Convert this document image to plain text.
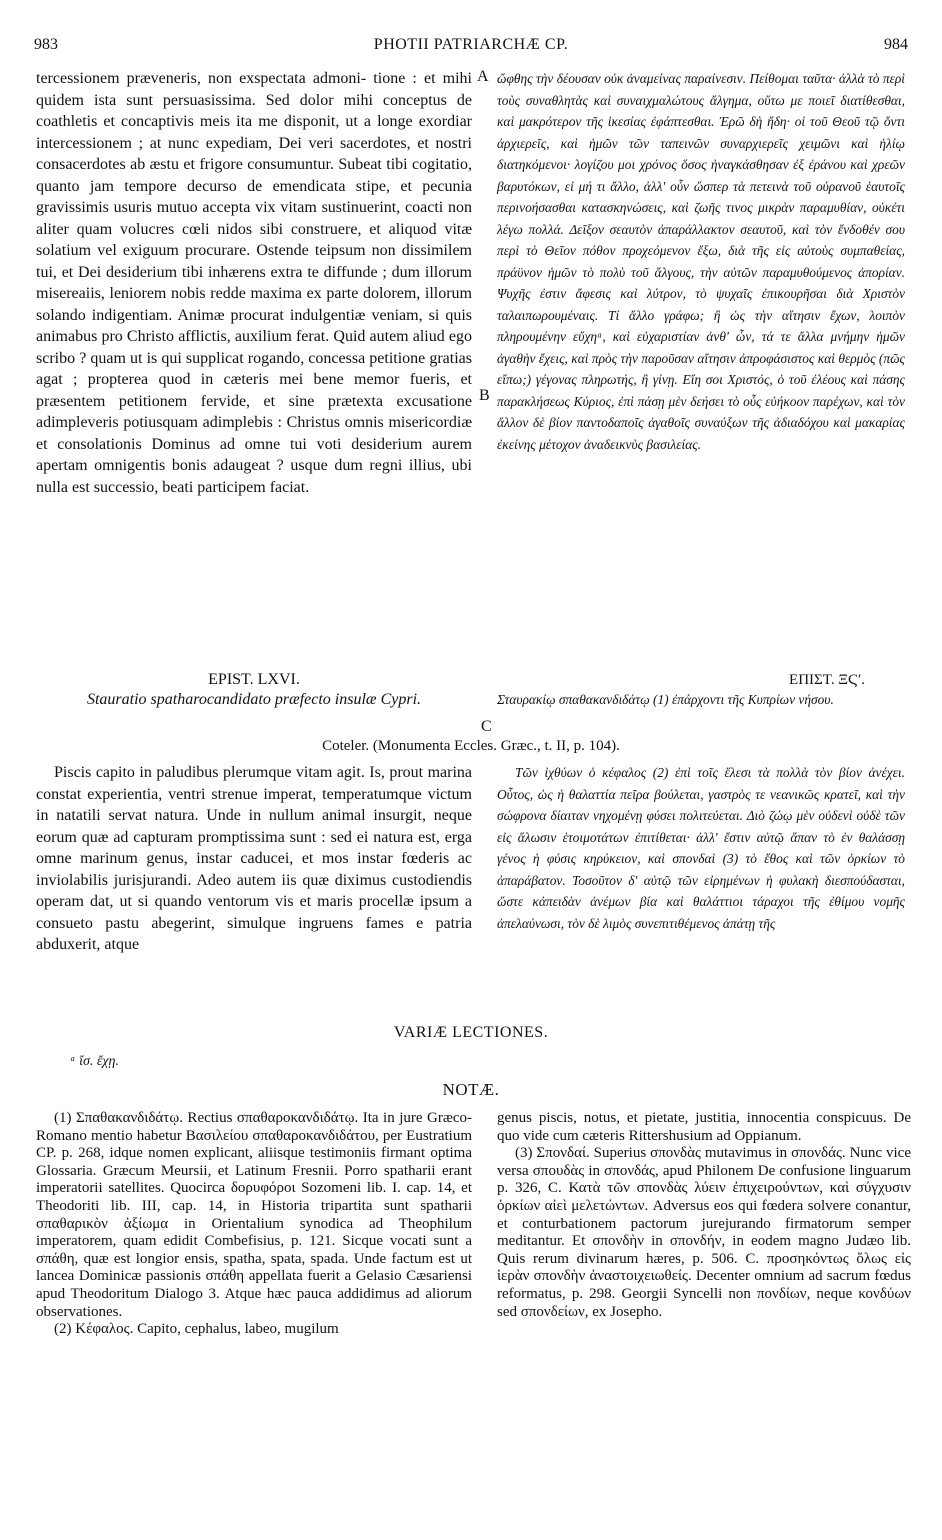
983	PHOTII PATRIARCHÆ CP.	984

tercessionem præveneris, non exspectata admoni- tione : et mihi quidem ista sunt persuasissima. Sed dolor mihi conceptus de coathletis et concaptivis meis ita me disponit, ut a longe exordiar intercessionem ; at nunc expediam, Dei veri sacerdotes, et nostri consacerdotes ab æstu et frigore consumuntur. Subeat tibi cogitatio, quanto jam tempore decurso de emendicata stipe, et pecunia gravissimis usuris mutuo accepta vix vitam sustinuerint, coacti non aliter quam volucres cœli nidos sibi construere, et aliquod vitæ solatium vel exiguum procurare. Ostende teipsum non dissimilem tui, et Dei desiderium tibi inhærens extra te diffunde ; dum illorum misereaiis, leniorem nobis redde maxima ex parte dolorem, illorum solando indigentiam. Animæ procurat indulgentiæ veniam, si quis animabus pro Christo afflictis, auxilium ferat. Quid autem aliud ego scribo ? quam ut is qui supplicat rogando, concessa petitione gratias agat ; propterea quod in cæteris mei bene memor fueris, et præsentem petitionem fervide, et sine prætexta excusatione adimpleveris potiusquam adimplebis : Christus omnis misericordiæ et consolationis Dominus ad omne tui voti desiderium aurem apertam omnigentis bonis adaugeat ? usque dum regni illius, ubi nulla est successio, beati participem faciat.

ὤφθης τὴν δέουσαν οὐκ ἀναμείνας παραίνεσιν. Πείθομαι ταῦτα· ἀλλὰ τὸ περὶ τοὺς συναθλητὰς καὶ συναιχμαλώτους ἄλγημα, οὕτω με ποιεῖ διατίθεσθαι, καὶ μακρότερον τῆς ἱκεσίας ἐφάπτεσθαι. Ἐρῶ δὴ ἤδη· οἱ τοῦ Θεοῦ τῷ ὄντι ἀρχιερεῖς, καὶ ἡμῶν τῶν ταπεινῶν συναρχιερεῖς χειμῶνι καὶ ἡλίῳ διατηκόμενοι· λογίζου μοι χρόνος ὅσος ἠναγκάσθησαν ἐξ ἐράνου καὶ χρεῶν βαρυτόκων, εἰ μή τι ἄλλο, ἀλλ' οὖν ὥσπερ τὰ πετεινὰ τοῦ οὐρανοῦ ἑαυτοῖς περινοήσασθαι κατασκηνώσεις, καὶ ζωῆς τινος μικρὰν παραμυθίαν, οὐκέτι λέγω πολλά. Δεῖξον σεαυτὸν ἀπαράλλακτον σεαυτοῦ, καὶ τὸν ἔνδοθέν σου περὶ τὸ Θεῖον πόθον προχεόμενον ἔξω, διὰ τῆς εἰς αὐτοὺς συμπαθείας, πράϋνον ἡμῶν τὸ πολὺ τοῦ ἄλγους, τὴν αὐτῶν παραμυθούμενος ἀπορίαν. Ψυχῆς ἐστιν ἄφεσις καὶ λύτρον, τὸ ψυχαῖς ἐπικουρῆσαι διὰ Χριστὸν ταλαιπωρουμέναις. Τί ἄλλο γράφω; ἢ ὡς τὴν αἴτησιν ἔχων, λοιπὸν πληρουμένην εὔχηᵃ, καὶ εὐχαριστίαν ἀνθ' ὧν, τά τε ἄλλα μνήμην ἡμῶν ἀγαθὴν ἔχεις, καὶ πρὸς τὴν παροῦσαν αἴτησιν ἀπροφάσιστος καὶ θερμὸς (πῶς εἴπω;) γέγονας πληρωτής, ἢ γίνῃ. Εἴη σοι Χριστός, ὁ τοῦ ἐλέους καὶ πάσης παρακλήσεως Κύριος, ἐπὶ πάσῃ μὲν δεήσει τὸ οὖς εὐήκοον παρέχων, καὶ τὸν ἄλλον δὲ βίον παντοδαποῖς ἀγαθοῖς συναύξων τῆς ἀδιαδόχου καὶ μακαρίας ἐκείνης μέτοχον ἀναδεικνὺς βασιλείας.

A
B
C

EPIST. LXVI.

Stauratio spatharocandidato præfecto insulæ Cypri.

ΕΠΙΣΤ. ΞϚʹ.

Σταυρακίῳ σπαθακανδιδάτῳ (1) ἐπάρχοντι τῆς Κυπρίων νήσου.

Coteler. (Monumenta Eccles. Græc., t. II, p. 104).

Piscis capito in paludibus plerumque vitam agit. Is, prout marina constat experientia, ventri strenue imperat, temperatumque victum in natatili servat natura. Unde in nullum animal insurgit, neque eorum quæ ad capturam promptissima sunt : sed ei natura est, erga omne marinum genus, instar caducei, et mos instar fœderis ac inviolabilis jurisjurandi. Adeo autem iis quæ diximus custodiendis operam dat, ut si quando ventorum vis et maris procellæ ipsum a consueto pastu abegerint, simulque ingruens fames e patria abduxerit, atque

Τῶν ἰχθύων ὁ κέφαλος (2) ἐπὶ τοῖς ἕλεσι τὰ πολλὰ τὸν βίον ἀνέχει. Οὗτος, ὡς ἡ θαλαττία πεῖρα βούλεται, γαστρὸς τε νεανικῶς κρατεῖ, καὶ τὴν σώφρονα δίαιταν νηχομένῃ φύσει πολιτεύεται. Διὸ ζώῳ μὲν οὐδενὶ οὐδὲ τῶν εἰς ἅλωσιν ἑτοιμοτάτων ἐπιτίθεται· ἀλλ' ἔστιν αὐτῷ ἅπαν τὸ ἐν θαλάσσῃ γένος ἡ φύσις κηρύκειον, καὶ σπονδαὶ (3) τὸ ἔθος καὶ τῶν ὁρκίων τὸ ἀπαράβατον. Τοσοῦτον δ' αὐτῷ τῶν εἰρημένων ἡ φυλακὴ διεσπούδασται, ὥστε κἀπειδὰν ἀνέμων βία καὶ θαλάττιοι τάραχοι τῆς ἐθίμου νομῆς ἀπελαύνωσι, τὸν δὲ λιμὸς συνεπιτιθέμενος ἀπάτῃ τῆς

VARIÆ LECTIONES.
ᵃ ἴσ. ἔχῃ.
NOTÆ.

(1) Σπαθακανδιδάτῳ. Rectius σπαθαροκανδιδάτῳ. Ita in jure Græco-Romano mentio habetur Βασιλείου σπαθαροκανδιδάτου, per Eustratium CP. p. 268, idque nomen explicant, aliisque testimoniis firmant optima Glossaria. Græcum Meursii, et Latinum Fresnii. Porro spatharii erant imperatorii satellites. Quocirca δορυφόροι Sozomeni lib. I. cap. 14, et Theodoriti lib. III, cap. 14, in Historia tripartita sunt spatharii σπαθαρικὸν ἀξίωμα in Orientalium synodica ad Theophilum imperatorem, quam edidit Combefisius, p. 121. Sicque vocati sunt a σπάθη, quæ est longior ensis, spatha, spata, spada. Unde factum est ut lancea Dominicæ passionis σπάθη appellata fuerit a Gelasio Cæsariensi apud Theodoritum Dialogo 3. Atque hæc pauca addidimus ad aliorum observationes.

(2) Κέφαλος. Capito, cephalus, labeo, mugilum

genus piscis, notus, et pietate, justitia, innocentia conspicuus. De quo vide cum cæteris Rittershusium ad Oppianum.

(3) Σπονδαί. Superius σπονδὰς mutavimus in σπονδάς. Nunc vice versa σπουδὰς in σπονδάς, apud Philonem De confusione linguarum p. 326, C. Κατὰ τῶν σπονδὰς λύειν ἐπιχειρούντων, καὶ σύγχυσιν ὁρκίων αἰεὶ μελετώντων. Adversus eos qui fœdera solvere conantur, et conturbationem pactorum jurejurando firmatorum semper meditantur. Et σπονδὴν in σπονδήν, in eodem magno Judæo lib. Quis rerum divinarum hæres, p. 506. C. προσηκόντως ὅλως εἰς ἱερὰν σπονδὴν ἀναστοιχειωθείς. Decenter omnium ad sacrum fœdus reformatus, p. 298. Georgii Syncelli non πονδίων, neque κονδύων sed σπονδείων, ex Josepho.
